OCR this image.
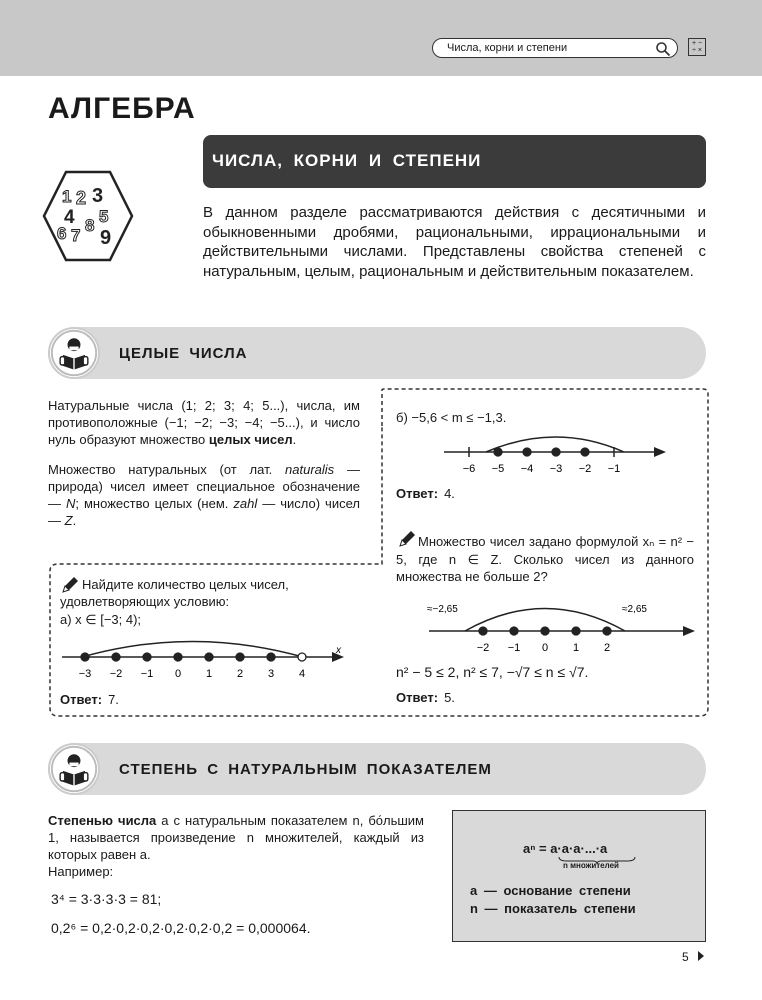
Числа, корни и степени	+ − ÷ ×
АЛГЕБРА
1 2 3
4 5
6 7
8
9
ЧИСЛА, КОРНИ И СТЕПЕНИ
В данном разделе рассматриваются действия с десятичными и обыкновенными дробями, рациональными, иррациональными и действительными числами. Представлены свойства степеней с натуральным, целым, рациональным и действительным показателем.
ЦЕЛЫЕ ЧИСЛА

Натуральные числа (1; 2; 3; 4; 5...), числа, им противоположные (−1; −2; −3; −4; −5...), и число нуль образуют множество целых чисел.

Множество натуральных (от лат. naturalis — природа) чисел имеет специальное обозначение — N; множество целых (нем. zahl — число) чисел — Z.

Найдите количество целых чисел, удовлетворяющих условию:
а) x ∈ [−3; 4);
x
−3 −2 −1 0 1 2 3 4
Ответ: 7.
б) −5,6 < m ≤ −1,3.
−6 −5 −4 −3 −2 −1
Ответ: 4.
Множество чисел задано формулой xₙ = n² − 5, где n ∈ Z. Сколько чисел из данного множества не больше 2?
≈−2,65	≈2,65
−2 −1 0 1 2
n² − 5 ≤ 2, n² ≤ 7, −√7 ≤ n ≤ √7.
Ответ: 5.
СТЕПЕНЬ С НАТУРАЛЬНЫМ ПОКАЗАТЕЛЕМ

Степенью числа a с натуральным показателем n, бо́льшим 1, называется произведение n множителей, каждый из которых равен a.

Например:
3⁴ = 3·3·3·3 = 81;
0,2⁶ = 0,2·0,2·0,2·0,2·0,2·0,2 = 0,000064.
aⁿ = a·a·a·...·a
n множителей
a — основание степени
n — показатель степени
5
